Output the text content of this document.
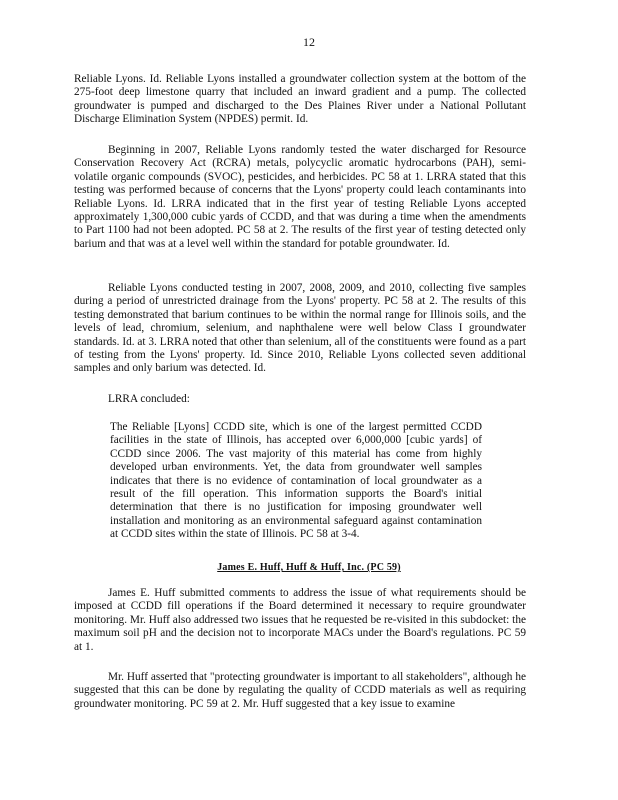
12

Reliable Lyons. Id. Reliable Lyons installed a groundwater collection system at the bottom of the 275-foot deep limestone quarry that included an inward gradient and a pump. The collected groundwater is pumped and discharged to the Des Plaines River under a National Pollutant Discharge Elimination System (NPDES) permit. Id.

Beginning in 2007, Reliable Lyons randomly tested the water discharged for Resource Conservation Recovery Act (RCRA) metals, polycyclic aromatic hydrocarbons (PAH), semi-volatile organic compounds (SVOC), pesticides, and herbicides. PC 58 at 1. LRRA stated that this testing was performed because of concerns that the Lyons' property could leach contaminants into Reliable Lyons. Id. LRRA indicated that in the first year of testing Reliable Lyons accepted approximately 1,300,000 cubic yards of CCDD, and that was during a time when the amendments to Part 1100 had not been adopted. PC 58 at 2. The results of the first year of testing detected only barium and that was at a level well within the standard for potable groundwater. Id.

Reliable Lyons conducted testing in 2007, 2008, 2009, and 2010, collecting five samples during a period of unrestricted drainage from the Lyons' property. PC 58 at 2. The results of this testing demonstrated that barium continues to be within the normal range for Illinois soils, and the levels of lead, chromium, selenium, and naphthalene were well below Class I groundwater standards. Id. at 3. LRRA noted that other than selenium, all of the constituents were found as a part of testing from the Lyons' property. Id. Since 2010, Reliable Lyons collected seven additional samples and only barium was detected. Id.

LRRA concluded:

The Reliable [Lyons] CCDD site, which is one of the largest permitted CCDD facilities in the state of Illinois, has accepted over 6,000,000 [cubic yards] of CCDD since 2006. The vast majority of this material has come from highly developed urban environments. Yet, the data from groundwater well samples indicates that there is no evidence of contamination of local groundwater as a result of the fill operation. This information supports the Board's initial determination that there is no justification for imposing groundwater well installation and monitoring as an environmental safeguard against contamination at CCDD sites within the state of Illinois. PC 58 at 3-4.

James E. Huff, Huff & Huff, Inc. (PC 59)

James E. Huff submitted comments to address the issue of what requirements should be imposed at CCDD fill operations if the Board determined it necessary to require groundwater monitoring. Mr. Huff also addressed two issues that he requested be re-visited in this subdocket: the maximum soil pH and the decision not to incorporate MACs under the Board's regulations. PC 59 at 1.

Mr. Huff asserted that "protecting groundwater is important to all stakeholders", although he suggested that this can be done by regulating the quality of CCDD materials as well as requiring groundwater monitoring. PC 59 at 2. Mr. Huff suggested that a key issue to examine
